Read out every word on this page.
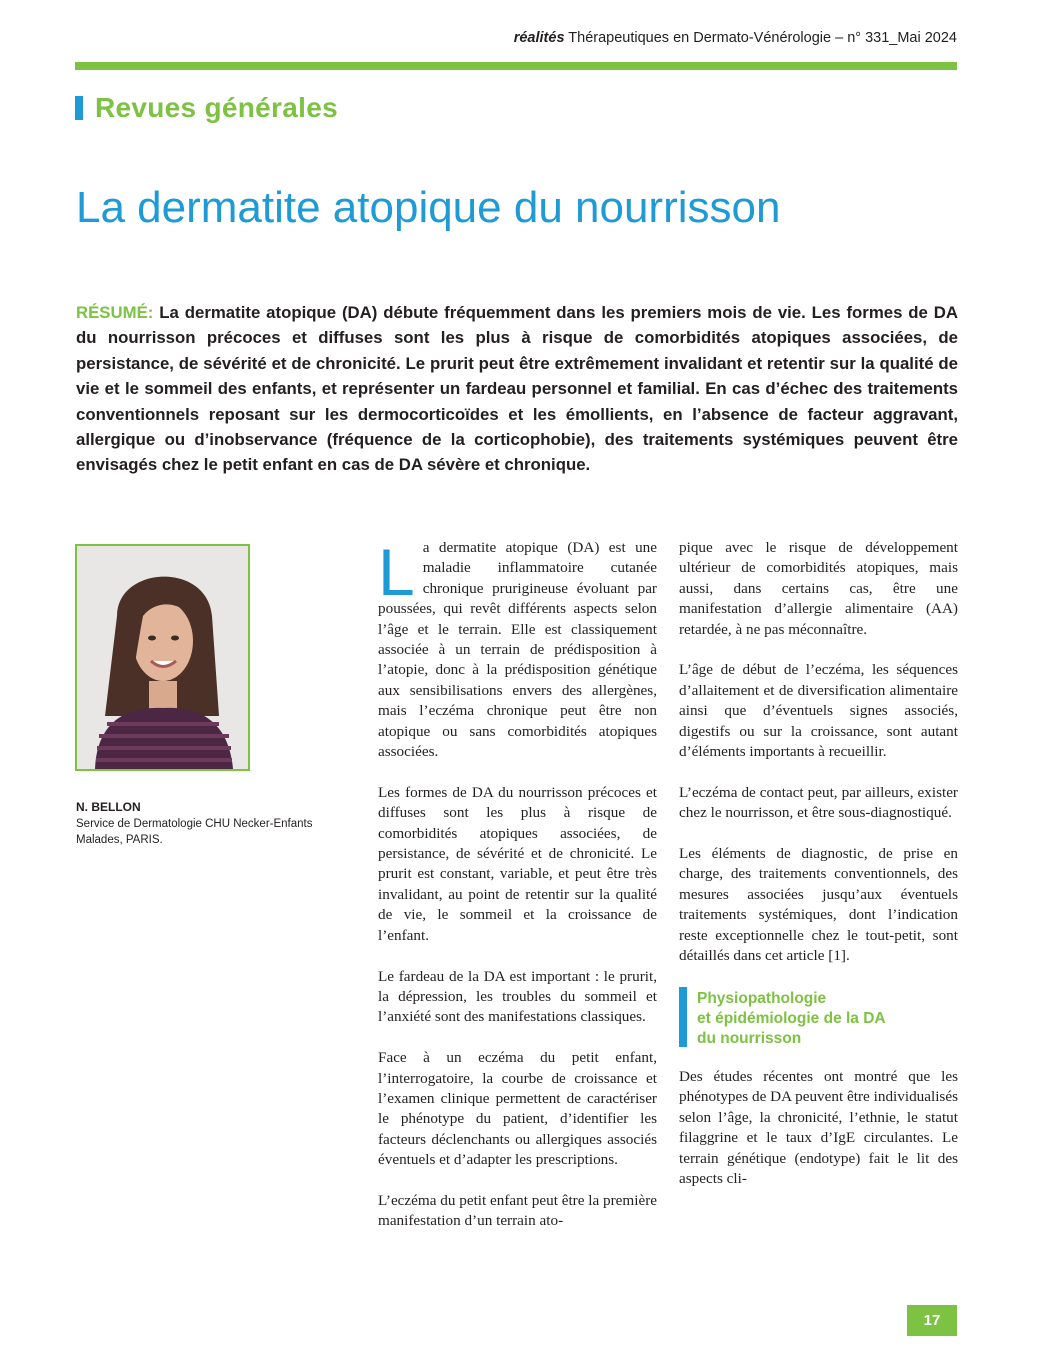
réalités Thérapeutiques en Dermato-Vénérologie – n° 331_Mai 2024
Revues générales
La dermatite atopique du nourrisson
RÉSUMÉ: La dermatite atopique (DA) débute fréquemment dans les premiers mois de vie. Les formes de DA du nourrisson précoces et diffuses sont les plus à risque de comorbidités atopiques associées, de persistance, de sévérité et de chronicité. Le prurit peut être extrêmement invalidant et retentir sur la qualité de vie et le sommeil des enfants, et représenter un fardeau personnel et familial. En cas d’échec des traitements conventionnels reposant sur les dermocorticoïdes et les émollients, en l’absence de facteur aggravant, allergique ou d’inobservance (fréquence de la corticophobie), des traitements systémiques peuvent être envisagés chez le petit enfant en cas de DA sévère et chronique.
N. BELLON
Service de Dermatologie CHU Necker-Enfants Malades, PARIS.

La dermatite atopique (DA) est une maladie inflammatoire cutanée chronique prurigineuse évoluant par poussées, qui revêt différents aspects selon l’âge et le terrain. Elle est classiquement associée à un terrain de prédisposition à l’atopie, donc à la prédisposition génétique aux sensibilisations envers des allergènes, mais l’eczéma chronique peut être non atopique ou sans comorbidités atopiques associées.

Les formes de DA du nourrisson précoces et diffuses sont les plus à risque de comorbidités atopiques associées, de persistance, de sévérité et de chronicité. Le prurit est constant, variable, et peut être très invalidant, au point de retentir sur la qualité de vie, le sommeil et la croissance de l’enfant.

Le fardeau de la DA est important : le prurit, la dépression, les troubles du sommeil et l’anxiété sont des manifestations classiques.

Face à un eczéma du petit enfant, l’interrogatoire, la courbe de croissance et l’examen clinique permettent de caractériser le phénotype du patient, d’identifier les facteurs déclenchants ou allergiques associés éventuels et d’adapter les prescriptions.

L’eczéma du petit enfant peut être la première manifestation d’un terrain ato-

pique avec le risque de développement ultérieur de comorbidités atopiques, mais aussi, dans certains cas, être une manifestation d’allergie alimentaire (AA) retardée, à ne pas méconnaître.

L’âge de début de l’eczéma, les séquences d’allaitement et de diversification alimentaire ainsi que d’éventuels signes associés, digestifs ou sur la croissance, sont autant d’éléments importants à recueillir.

L’eczéma de contact peut, par ailleurs, exister chez le nourrisson, et être sous-diagnostiqué.

Les éléments de diagnostic, de prise en charge, des traitements conventionnels, des mesures associées jusqu’aux éventuels traitements systémiques, dont l’indication reste exceptionnelle chez le tout-petit, sont détaillés dans cet article [1].

Physiopathologie
et épidémiologie de la DA
du nourrisson

Des études récentes ont montré que les phénotypes de DA peuvent être individualisés selon l’âge, la chronicité, l’ethnie, le statut filaggrine et le taux d’IgE circulantes. Le terrain génétique (endotype) fait le lit des aspects cli-

17
